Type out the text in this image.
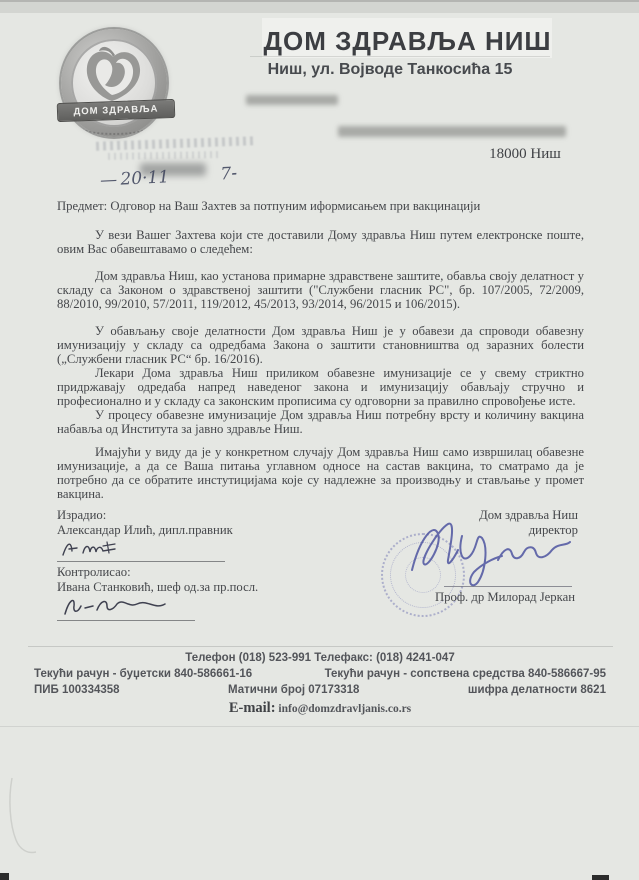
ДОМ ЗДРАВЉА НИШ
Ниш, ул. Војводе Танкосића 15
ДОМ ЗДРАВЉА
18000 Ниш
— 20·11	7˗

Предмет: Одговор на Ваш Захтев за потпуним иформисањем при вакцинацији

У вези Вашег Захтева који сте доставили Дому здравља Ниш путем електронске поште, овим Вас обавештавамо о следећем:

Дом здравља Ниш, као установа примарне здравствене заштите, обавља своју делатност у складу са Законом о здравственој заштити ("Службени гласник РС", бр. 107/2005, 72/2009, 88/2010, 99/2010, 57/2011, 119/2012, 45/2013, 93/2014, 96/2015 и 106/2015).

У обављању своје делатности Дом здравља Ниш је у обавези да спроводи обавезну имунизацију у складу са одредбама Закона о заштити становништва од заразних болести („Службени гласник РС“ бр. 16/2016).

Лекари Дома здравља Ниш приликом обавезне имунизације се у свему стриктно придржавају одредаба напред наведеног закона и имунизацију обављају стручно и професионално и у складу са законским прописима су одговорни за правилно спровођење исте.

У процесу обавезне имунизације Дом здравља Ниш потребну врсту и количину вакцина набавља од Института за јавно здравље Ниш.

Имајући у виду да је у конкретном случају Дом здравља Ниш само извршилац обавезне имунизације, а да се Ваша питања углавном односе на састав вакцина, то сматрамо да је потребно да се обратите инстутицијама које су надлежне за производњу и стављање у промет вакцина.

Израдио:
Александар Илић, дипл.правник
Контролисао:
Ивана Станковић, шеф од.за пр.посл.
Дом здравља Ниш
директор
Проф. др Милорад Јеркан
Телефон (018) 523-991 Телефакс: (018) 4241-047
Текући рачун - буџетски 840-586661-16	Текући рачун - сопствена средства 840-586667-95
ПИБ 100334358	Матични број 07173318	шифра делатности 8621
E-mail: info@domzdravljanis.co.rs
